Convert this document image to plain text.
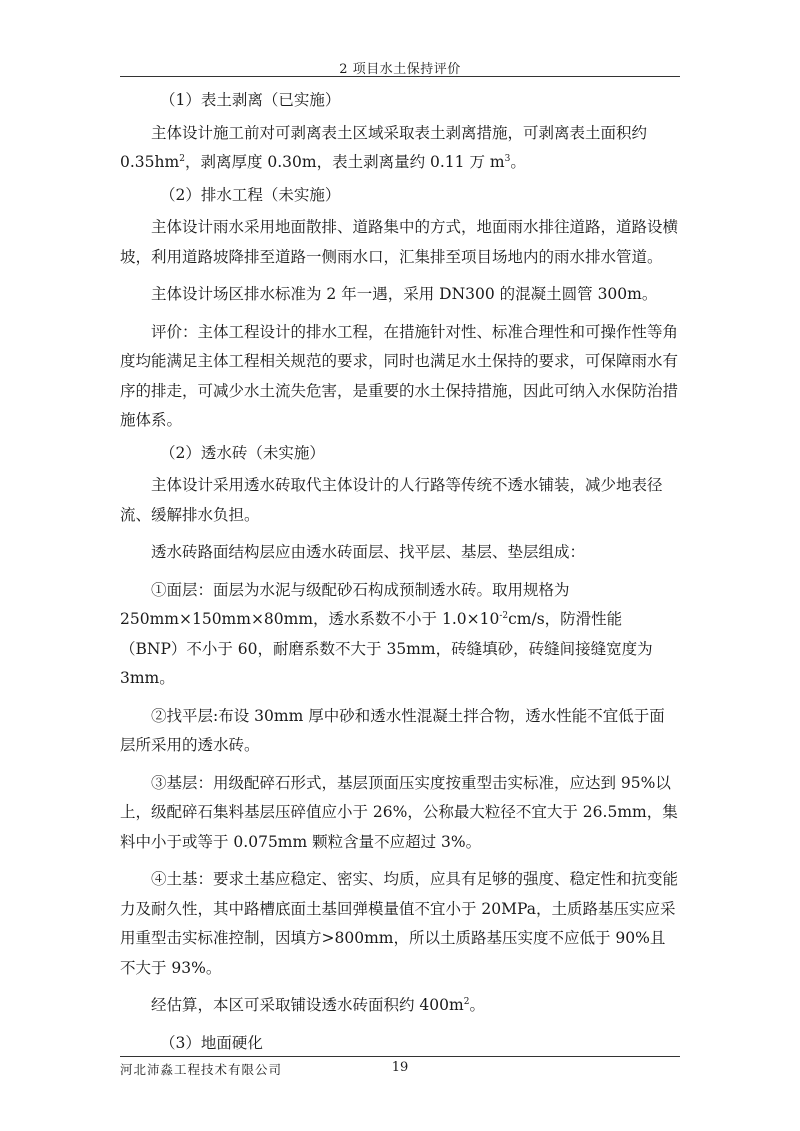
2 项目水土保持评价

（1）表土剥离（已实施）

主体设计施工前对可剥离表土区域采取表土剥离措施，可剥离表土面积约$0.35hm^2$，剥离厚度 0.30m，表土剥离量约 0.11 万 $m^3$。

（2）排水工程（未实施）

主体设计雨水采用地面散排、道路集中的方式，地面雨水排往道路，道路设横坡，利用道路坡降排至道路一侧雨水口，汇集排至项目场地内的雨水排水管道。

主体设计场区排水标准为 2 年一遇，采用 DN300 的混凝土圆管 300m。

评价：主体工程设计的排水工程，在措施针对性、标准合理性和可操作性等角度均能满足主体工程相关规范的要求，同时也满足水土保持的要求，可保障雨水有序的排走，可减少水土流失危害，是重要的水土保持措施，因此可纳入水保防治措施体系。

（2）透水砖（未实施）

主体设计采用透水砖取代主体设计的人行路等传统不透水铺装，减少地表径流、缓解排水负担。

透水砖路面结构层应由透水砖面层、找平层、基层、垫层组成：

①面层：面层为水泥与级配砂石构成预制透水砖。取用规格为250mm×150mm×80mm，透水系数不小于 $1.0\times 10^{-2}cm/s$，防滑性能（BNP）不小于 60，耐磨系数不大于 35mm，砖缝填砂，砖缝间接缝宽度为 3mm。

②找平层:布设 30mm 厚中砂和透水性混凝土拌合物，透水性能不宜低于面层所采用的透水砖。

③基层：用级配碎石形式，基层顶面压实度按重型击实标准，应达到 95%以上，级配碎石集料基层压碎值应小于 26%，公称最大粒径不宜大于 26.5mm，集料中小于或等于 0.075mm 颗粒含量不应超过 3%。

④土基：要求土基应稳定、密实、均质，应具有足够的强度、稳定性和抗变能力及耐久性，其中路槽底面土基回弹模量值不宜小于 20MPa，土质路基压实应采用重型击实标准控制，因填方>800mm，所以土质路基压实度不应低于 90%且不大于 93%。

经估算，本区可采取铺设透水砖面积约 $400m^2$。

（3）地面硬化

河北沛淼工程技术有限公司	19
